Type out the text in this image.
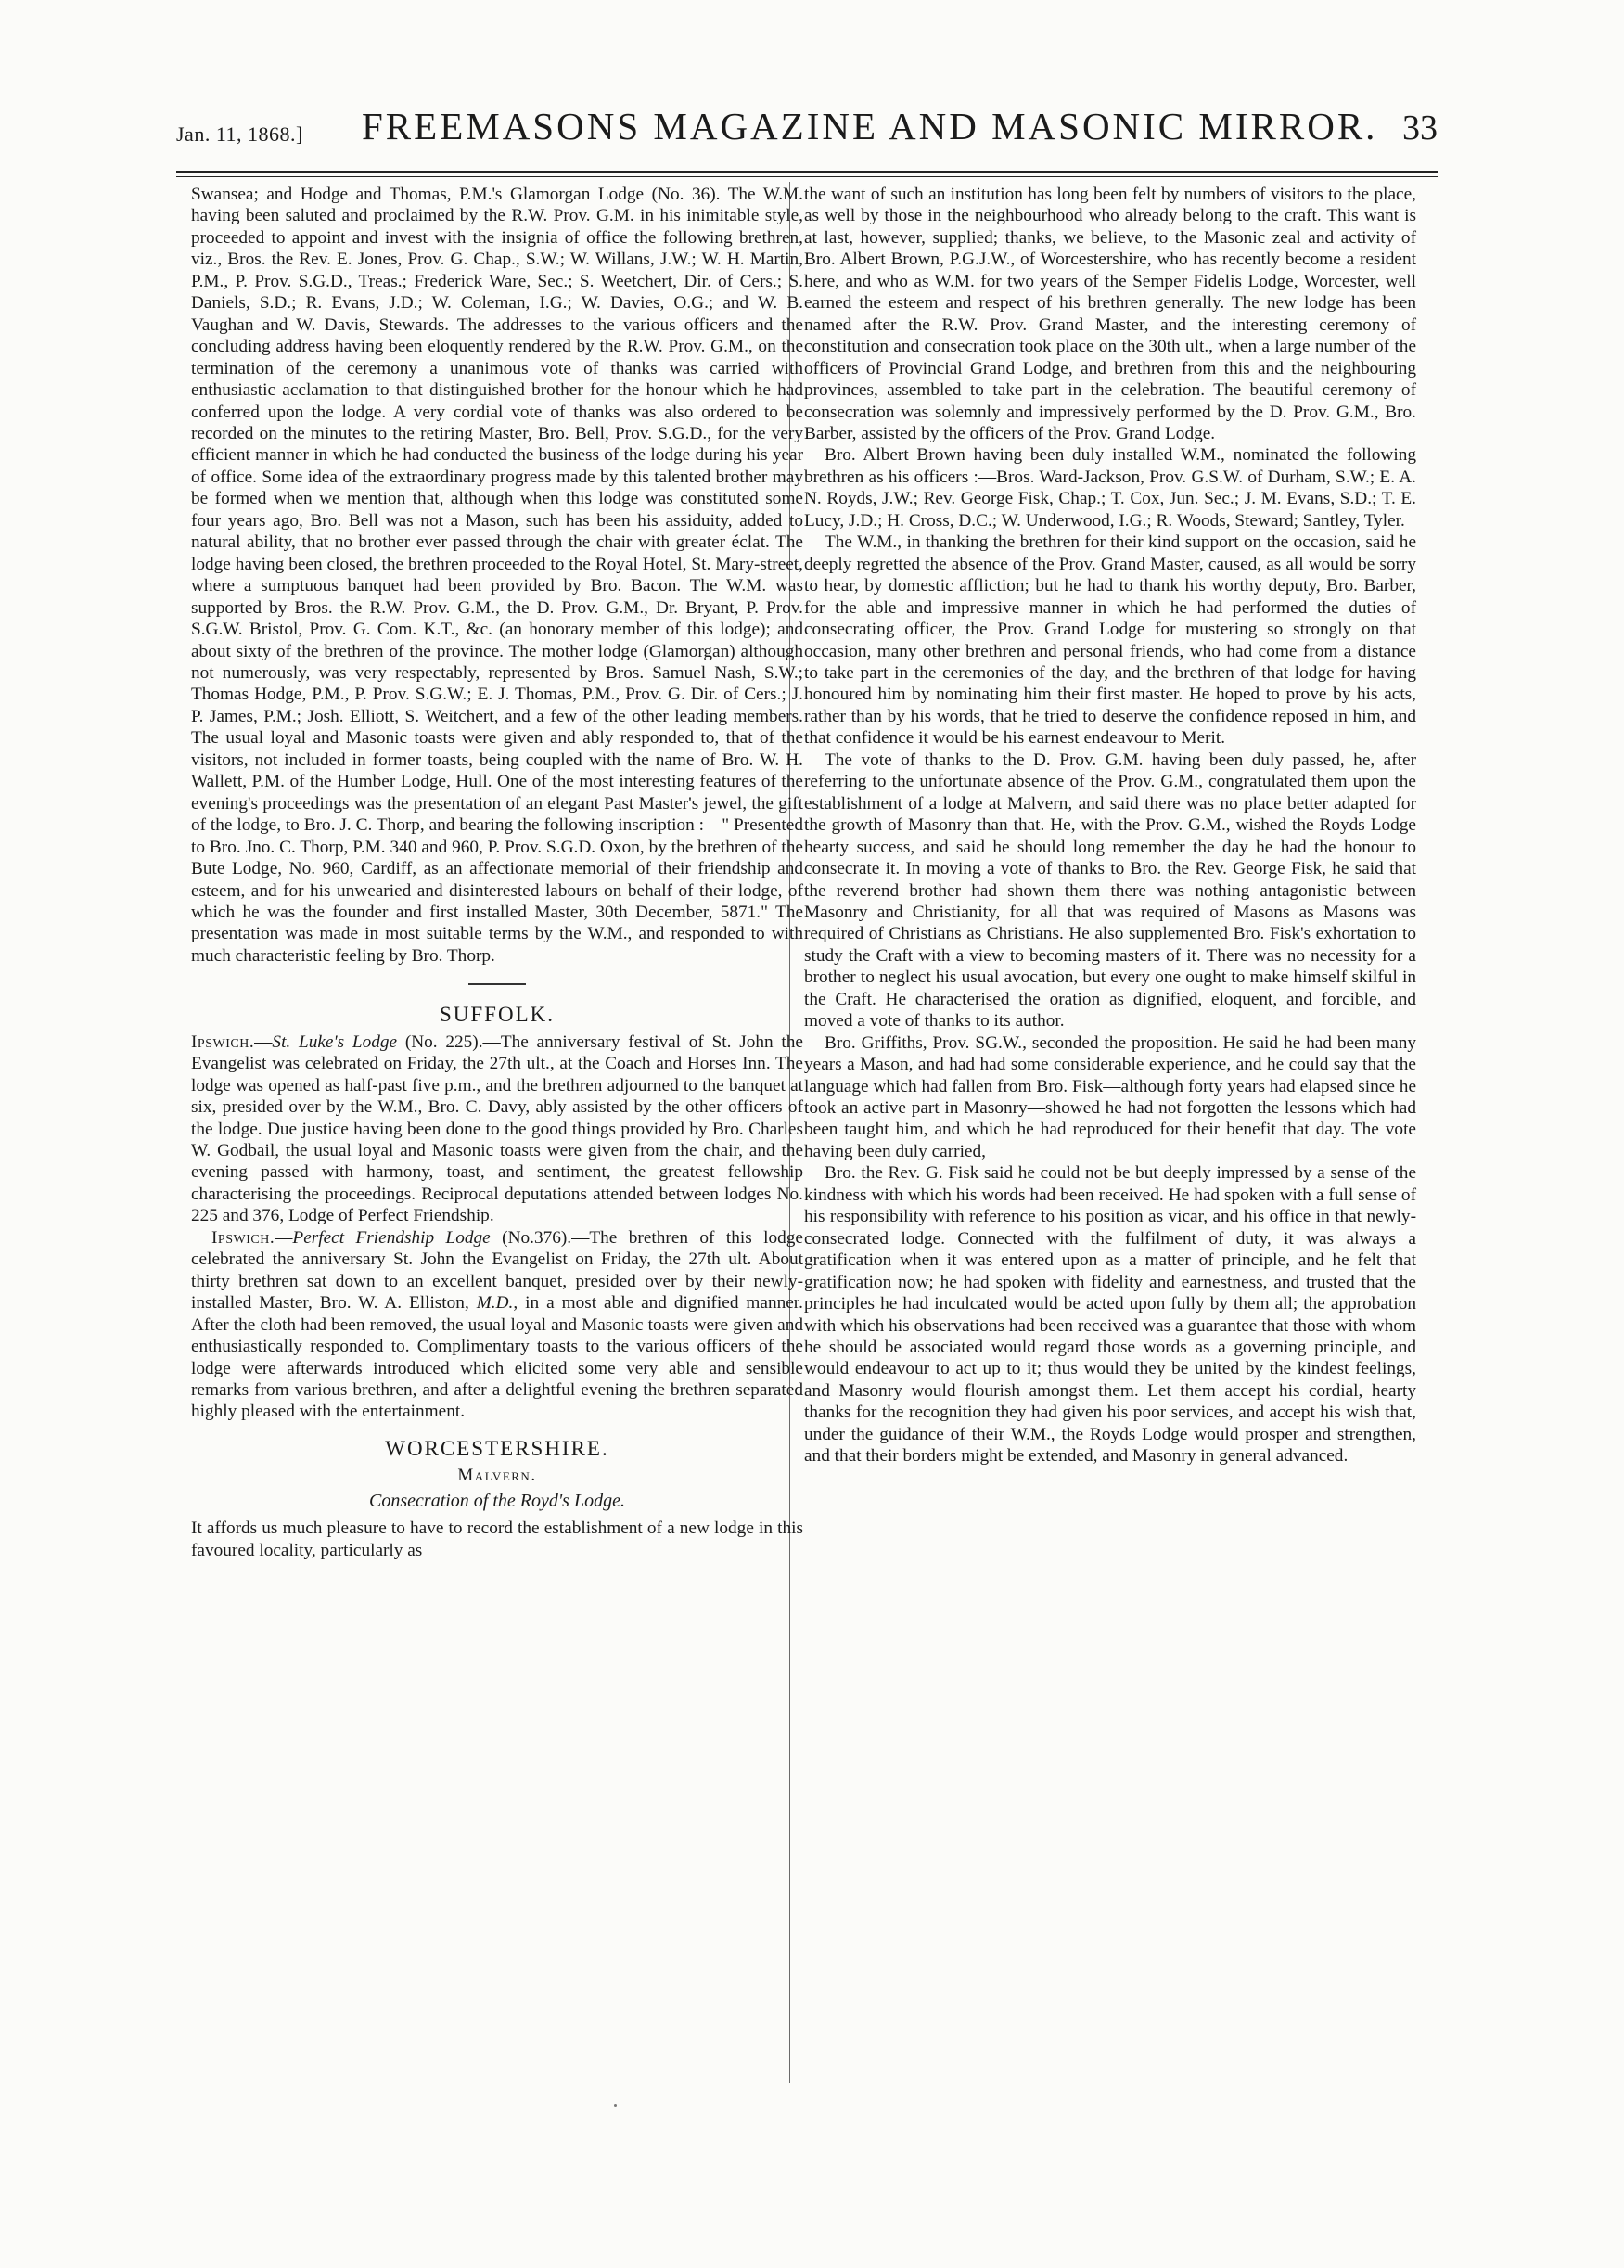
Jan. 11, 1868.] FREEMASONS MAGAZINE AND MASONIC MIRROR. 33

Swansea; and Hodge and Thomas, P.M.'s Glamorgan Lodge (No. 36). The W.M. having been saluted and proclaimed by the R.W. Prov. G.M. in his inimitable style, proceeded to appoint and invest with the insignia of office the following brethren, viz., Bros. the Rev. E. Jones, Prov. G. Chap., S.W.; W. Willans, J.W.; W. H. Martin, P.M., P. Prov. S.G.D., Treas.; Frederick Ware, Sec.; S. Weetchert, Dir. of Cers.; S. Daniels, S.D.; R. Evans, J.D.; W. Coleman, I.G.; W. Davies, O.G.; and W. B. Vaughan and W. Davis, Stewards. The addresses to the various officers and the concluding address having been eloquently rendered by the R.W. Prov. G.M., on the termination of the ceremony a unanimous vote of thanks was carried with enthusiastic acclamation to that distinguished brother for the honour which he had conferred upon the lodge. A very cordial vote of thanks was also ordered to be recorded on the minutes to the retiring Master, Bro. Bell, Prov. S.G.D., for the very efficient manner in which he had conducted the business of the lodge during his year of office. Some idea of the extraordinary progress made by this talented brother may be formed when we mention that, although when this lodge was constituted some four years ago, Bro. Bell was not a Mason, such has been his assiduity, added to natural ability, that no brother ever passed through the chair with greater éclat. The lodge having been closed, the brethren proceeded to the Royal Hotel, St. Mary-street, where a sumptuous banquet had been provided by Bro. Bacon. The W.M. was supported by Bros. the R.W. Prov. G.M., the D. Prov. G.M., Dr. Bryant, P. Prov. S.G.W. Bristol, Prov. G. Com. K.T., &c. (an honorary member of this lodge); and about sixty of the brethren of the province. The mother lodge (Glamorgan) although not numerously, was very respectably, represented by Bros. Samuel Nash, S.W.; Thomas Hodge, P.M., P. Prov. S.G.W.; E. J. Thomas, P.M., Prov. G. Dir. of Cers.; J. P. James, P.M.; Josh. Elliott, S. Weitchert, and a few of the other leading members. The usual loyal and Masonic toasts were given and ably responded to, that of the visitors, not included in former toasts, being coupled with the name of Bro. W. H. Wallett, P.M. of the Humber Lodge, Hull. One of the most interesting features of the evening's proceedings was the presentation of an elegant Past Master's jewel, the gift of the lodge, to Bro. J. C. Thorp, and bearing the following inscription :—" Presented to Bro. Jno. C. Thorp, P.M. 340 and 960, P. Prov. S.G.D. Oxon, by the brethren of the Bute Lodge, No. 960, Cardiff, as an affectionate memorial of their friendship and esteem, and for his unwearied and disinterested labours on behalf of their lodge, of which he was the founder and first installed Master, 30th December, 5871." The presentation was made in most suitable terms by the W.M., and responded to with much characteristic feeling by Bro. Thorp.

SUFFOLK.

Ipswich.—St. Luke's Lodge (No. 225).—The anniversary festival of St. John the Evangelist was celebrated on Friday, the 27th ult., at the Coach and Horses Inn. The lodge was opened as half-past five p.m., and the brethren adjourned to the banquet at six, presided over by the W.M., Bro. C. Davy, ably assisted by the other officers of the lodge. Due justice having been done to the good things provided by Bro. Charles W. Godbail, the usual loyal and Masonic toasts were given from the chair, and the evening passed with harmony, toast, and sentiment, the greatest fellowship characterising the proceedings. Reciprocal deputations attended between lodges No. 225 and 376, Lodge of Perfect Friendship.

Ipswich.—Perfect Friendship Lodge (No.376).—The brethren of this lodge celebrated the anniversary St. John the Evangelist on Friday, the 27th ult. About thirty brethren sat down to an excellent banquet, presided over by their newly-installed Master, Bro. W. A. Elliston, M.D., in a most able and dignified manner. After the cloth had been removed, the usual loyal and Masonic toasts were given and enthusiastically responded to. Complimentary toasts to the various officers of the lodge were afterwards introduced which elicited some very able and sensible remarks from various brethren, and after a delightful evening the brethren separated highly pleased with the entertainment.

WORCESTERSHIRE.
Malvern.
Consecration of the Royd's Lodge.

It affords us much pleasure to have to record the establishment of a new lodge in this favoured locality, particularly as

the want of such an institution has long been felt by numbers of visitors to the place, as well by those in the neighbourhood who already belong to the craft. This want is at last, however, supplied; thanks, we believe, to the Masonic zeal and activity of Bro. Albert Brown, P.G.J.W., of Worcestershire, who has recently become a resident here, and who as W.M. for two years of the Semper Fidelis Lodge, Worcester, well earned the esteem and respect of his brethren generally. The new lodge has been named after the R.W. Prov. Grand Master, and the interesting ceremony of constitution and consecration took place on the 30th ult., when a large number of the officers of Provincial Grand Lodge, and brethren from this and the neighbouring provinces, assembled to take part in the celebration. The beautiful ceremony of consecration was solemnly and impressively performed by the D. Prov. G.M., Bro. Barber, assisted by the officers of the Prov. Grand Lodge.

Bro. Albert Brown having been duly installed W.M., nominated the following brethren as his officers :—Bros. Ward-Jackson, Prov. G.S.W. of Durham, S.W.; E. A. N. Royds, J.W.; Rev. George Fisk, Chap.; T. Cox, Jun. Sec.; J. M. Evans, S.D.; T. E. Lucy, J.D.; H. Cross, D.C.; W. Underwood, I.G.; R. Woods, Steward; Santley, Tyler.

The W.M., in thanking the brethren for their kind support on the occasion, said he deeply regretted the absence of the Prov. Grand Master, caused, as all would be sorry to hear, by domestic affliction; but he had to thank his worthy deputy, Bro. Barber, for the able and impressive manner in which he had performed the duties of consecrating officer, the Prov. Grand Lodge for mustering so strongly on that occasion, many other brethren and personal friends, who had come from a distance to take part in the ceremonies of the day, and the brethren of that lodge for having honoured him by nominating him their first master. He hoped to prove by his acts, rather than by his words, that he tried to deserve the confidence reposed in him, and that confidence it would be his earnest endeavour to Merit.

The vote of thanks to the D. Prov. G.M. having been duly passed, he, after referring to the unfortunate absence of the Prov. G.M., congratulated them upon the establishment of a lodge at Malvern, and said there was no place better adapted for the growth of Masonry than that. He, with the Prov. G.M., wished the Royds Lodge hearty success, and said he should long remember the day he had the honour to consecrate it. In moving a vote of thanks to Bro. the Rev. George Fisk, he said that the reverend brother had shown them there was nothing antagonistic between Masonry and Christianity, for all that was required of Masons as Masons was required of Christians as Christians. He also supplemented Bro. Fisk's exhortation to study the Craft with a view to becoming masters of it. There was no necessity for a brother to neglect his usual avocation, but every one ought to make himself skilful in the Craft. He characterised the oration as dignified, eloquent, and forcible, and moved a vote of thanks to its author.

Bro. Griffiths, Prov. SG.W., seconded the proposition. He said he had been many years a Mason, and had had some considerable experience, and he could say that the language which had fallen from Bro. Fisk—although forty years had elapsed since he took an active part in Masonry—showed he had not forgotten the lessons which had been taught him, and which he had reproduced for their benefit that day. The vote having been duly carried,

Bro. the Rev. G. Fisk said he could not be but deeply impressed by a sense of the kindness with which his words had been received. He had spoken with a full sense of his responsibility with reference to his position as vicar, and his office in that newly-consecrated lodge. Connected with the fulfilment of duty, it was always a gratification when it was entered upon as a matter of principle, and he felt that gratification now; he had spoken with fidelity and earnestness, and trusted that the principles he had inculcated would be acted upon fully by them all; the approbation with which his observations had been received was a guarantee that those with whom he should be associated would regard those words as a governing principle, and would endeavour to act up to it; thus would they be united by the kindest feelings, and Masonry would flourish amongst them. Let them accept his cordial, hearty thanks for the recognition they had given his poor services, and accept his wish that, under the guidance of their W.M., the Royds Lodge would prosper and strengthen, and that their borders might be extended, and Masonry in general advanced.
